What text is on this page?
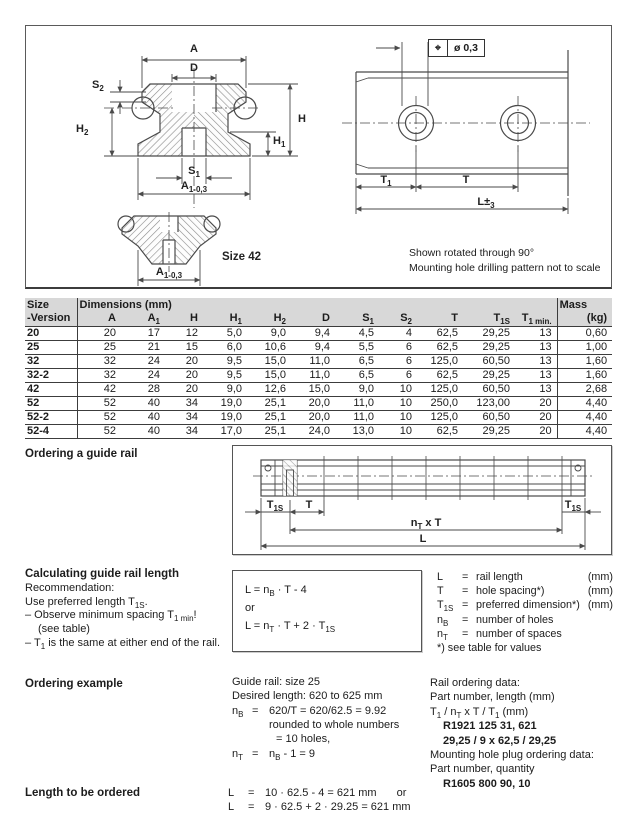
A
D
$S_2$
$H_2$
H
$H_1$
$S_1$
$A_{1-0,3}$
⌖	ø 0,3
$T_1$	T
$L\pm_3$
$A_{1-0,3}$
Size 42	Shown rotated through 90°
Mounting hole drilling pattern not to scale
Size	Dimensions (mm)											Mass
-Version	A	$A_1$	H	$H_1$	$H_2$	D	$S_1$	$S_2$	T	$T_{1S}$	$T_{1 min.}$	(kg)
20	20	17	12	5,0	9,0	9,4	4,5	4	62,5	29,25	13	0,60
25	25	21	15	6,0	10,6	9,4	5,5	6	62,5	29,25	13	1,00
32	32	24	20	9,5	15,0	11,0	6,5	6	125,0	60,50	13	1,60
32-2	32	24	20	9,5	15,0	11,0	6,5	6	62,5	29,25	13	1,60
42	42	28	20	9,0	12,6	15,0	9,0	10	125,0	60,50	13	2,68
52	52	40	34	19,0	25,1	20,0	11,0	10	250,0	123,00	20	4,40
52-2	52	40	34	19,0	25,1	20,0	11,0	10	125,0	60,50	20	4,40
52-4	52	40	34	17,0	25,1	24,0	13,0	10	62,5	29,25	20	4,40
Ordering a guide rail
$T_{1S}$ T	$T_{1S}$
$n_T$ x T
L
Calculating guide rail length
Recommendation:
Use preferred length $T_{1S}$.
– Observe minimum spacing $T_{1 min}$!
(see table)
– $T_1$ is the same at either end of the rail.
$L = n_B \cdot T - 4$
or
$L = n_T \cdot T + 2 \cdot T_{1S}$
L	= rail length	(mm)
T	= hole spacing*)	(mm)
$T_{1S}$ = preferred dimension*) (mm)
$n_B$	= number of holes
$n_T$	= number of spaces
*) see table for values
Ordering example	Guide rail: size 25
Desired length: 620 to 625 mm
$n_B = 620/T = 620/62.5 = 9.92$
rounded to whole numbers
= 10 holes,
$n_T = n_B - 1 = 9$
Rail ordering data:
Part number, length (mm)
$T_1 / n_T$ x T / $T_1$ (mm)
R1921 125 31, 621
29,25 / 9 x 62,5 / 29,25
Mounting hole plug ordering data:
Part number, quantity
R1605 800 90, 10
Length to be ordered	L	= 10 · 62.5 - 4 = 621 mm or
L	= 9 · 62.5 + 2 · 29.25 = 621 mm
